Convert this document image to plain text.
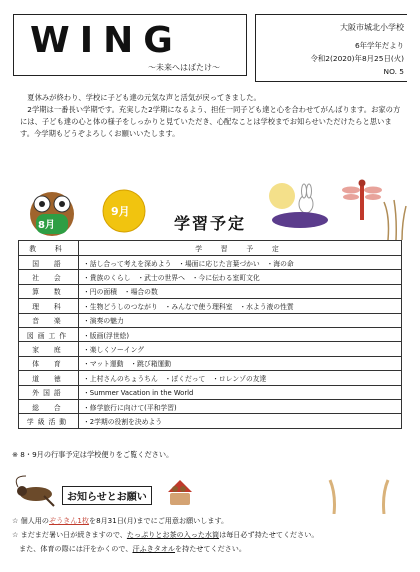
WING
～未来へはばたけ～
大阪市城北小学校
6年学年だより
令和2(2020)年8月25日(火)
NO. 5

　夏休みが終わり、学校に子ども達の元気な声と活気が戻ってきました。

　2学期は一番長い学期です。充実した2学期になるよう、担任一同子ども達と心を合わせてがんばります。お家の方には、子ども達の心と体の様子をしっかりと見ていただき、心配なことは学校までお知らせいただけたらと思います。今学期もどうぞよろしくお願いいたします。

8月
9月
学習予定
教　科	学　習　予　定
国　語	・話し合って考えを深めよう　・場面に応じた言葉づかい　・海の命
社　会	・貴族のくらし　・武士の世界へ　・今に伝わる室町文化
算　数	・円の面積　・場合の数
理　科	・生物どうしのつながり　・みんなで使う理科室　・水よう液の性質
音　楽	・演奏の魅力
図画工作	・版画(浮世絵)
家　庭	・楽しくソーイング
体　育	・マット運動　・跳び箱運動
道　徳	・上村さんのちょうちん　・ぼくだって　・ロレンゾの友達
外国語	・Summer Vacation in the World
総　合	・修学旅行に向けて(平和学習)
学級活動	・2学期の役割を決めよう
※ 8・9月の行事予定は学校便りをご覧ください。
お知らせとお願い
☆ 個人用のぞうきん1枚を8月31日(月)までにご用意お願いします。
☆ まだまだ暑い日が続きますので、たっぷりとお茶の入った水筒は毎日必ず持たせてください。
　また、体育の際には汗をかくので、汗ふきタオルを持たせてください。
